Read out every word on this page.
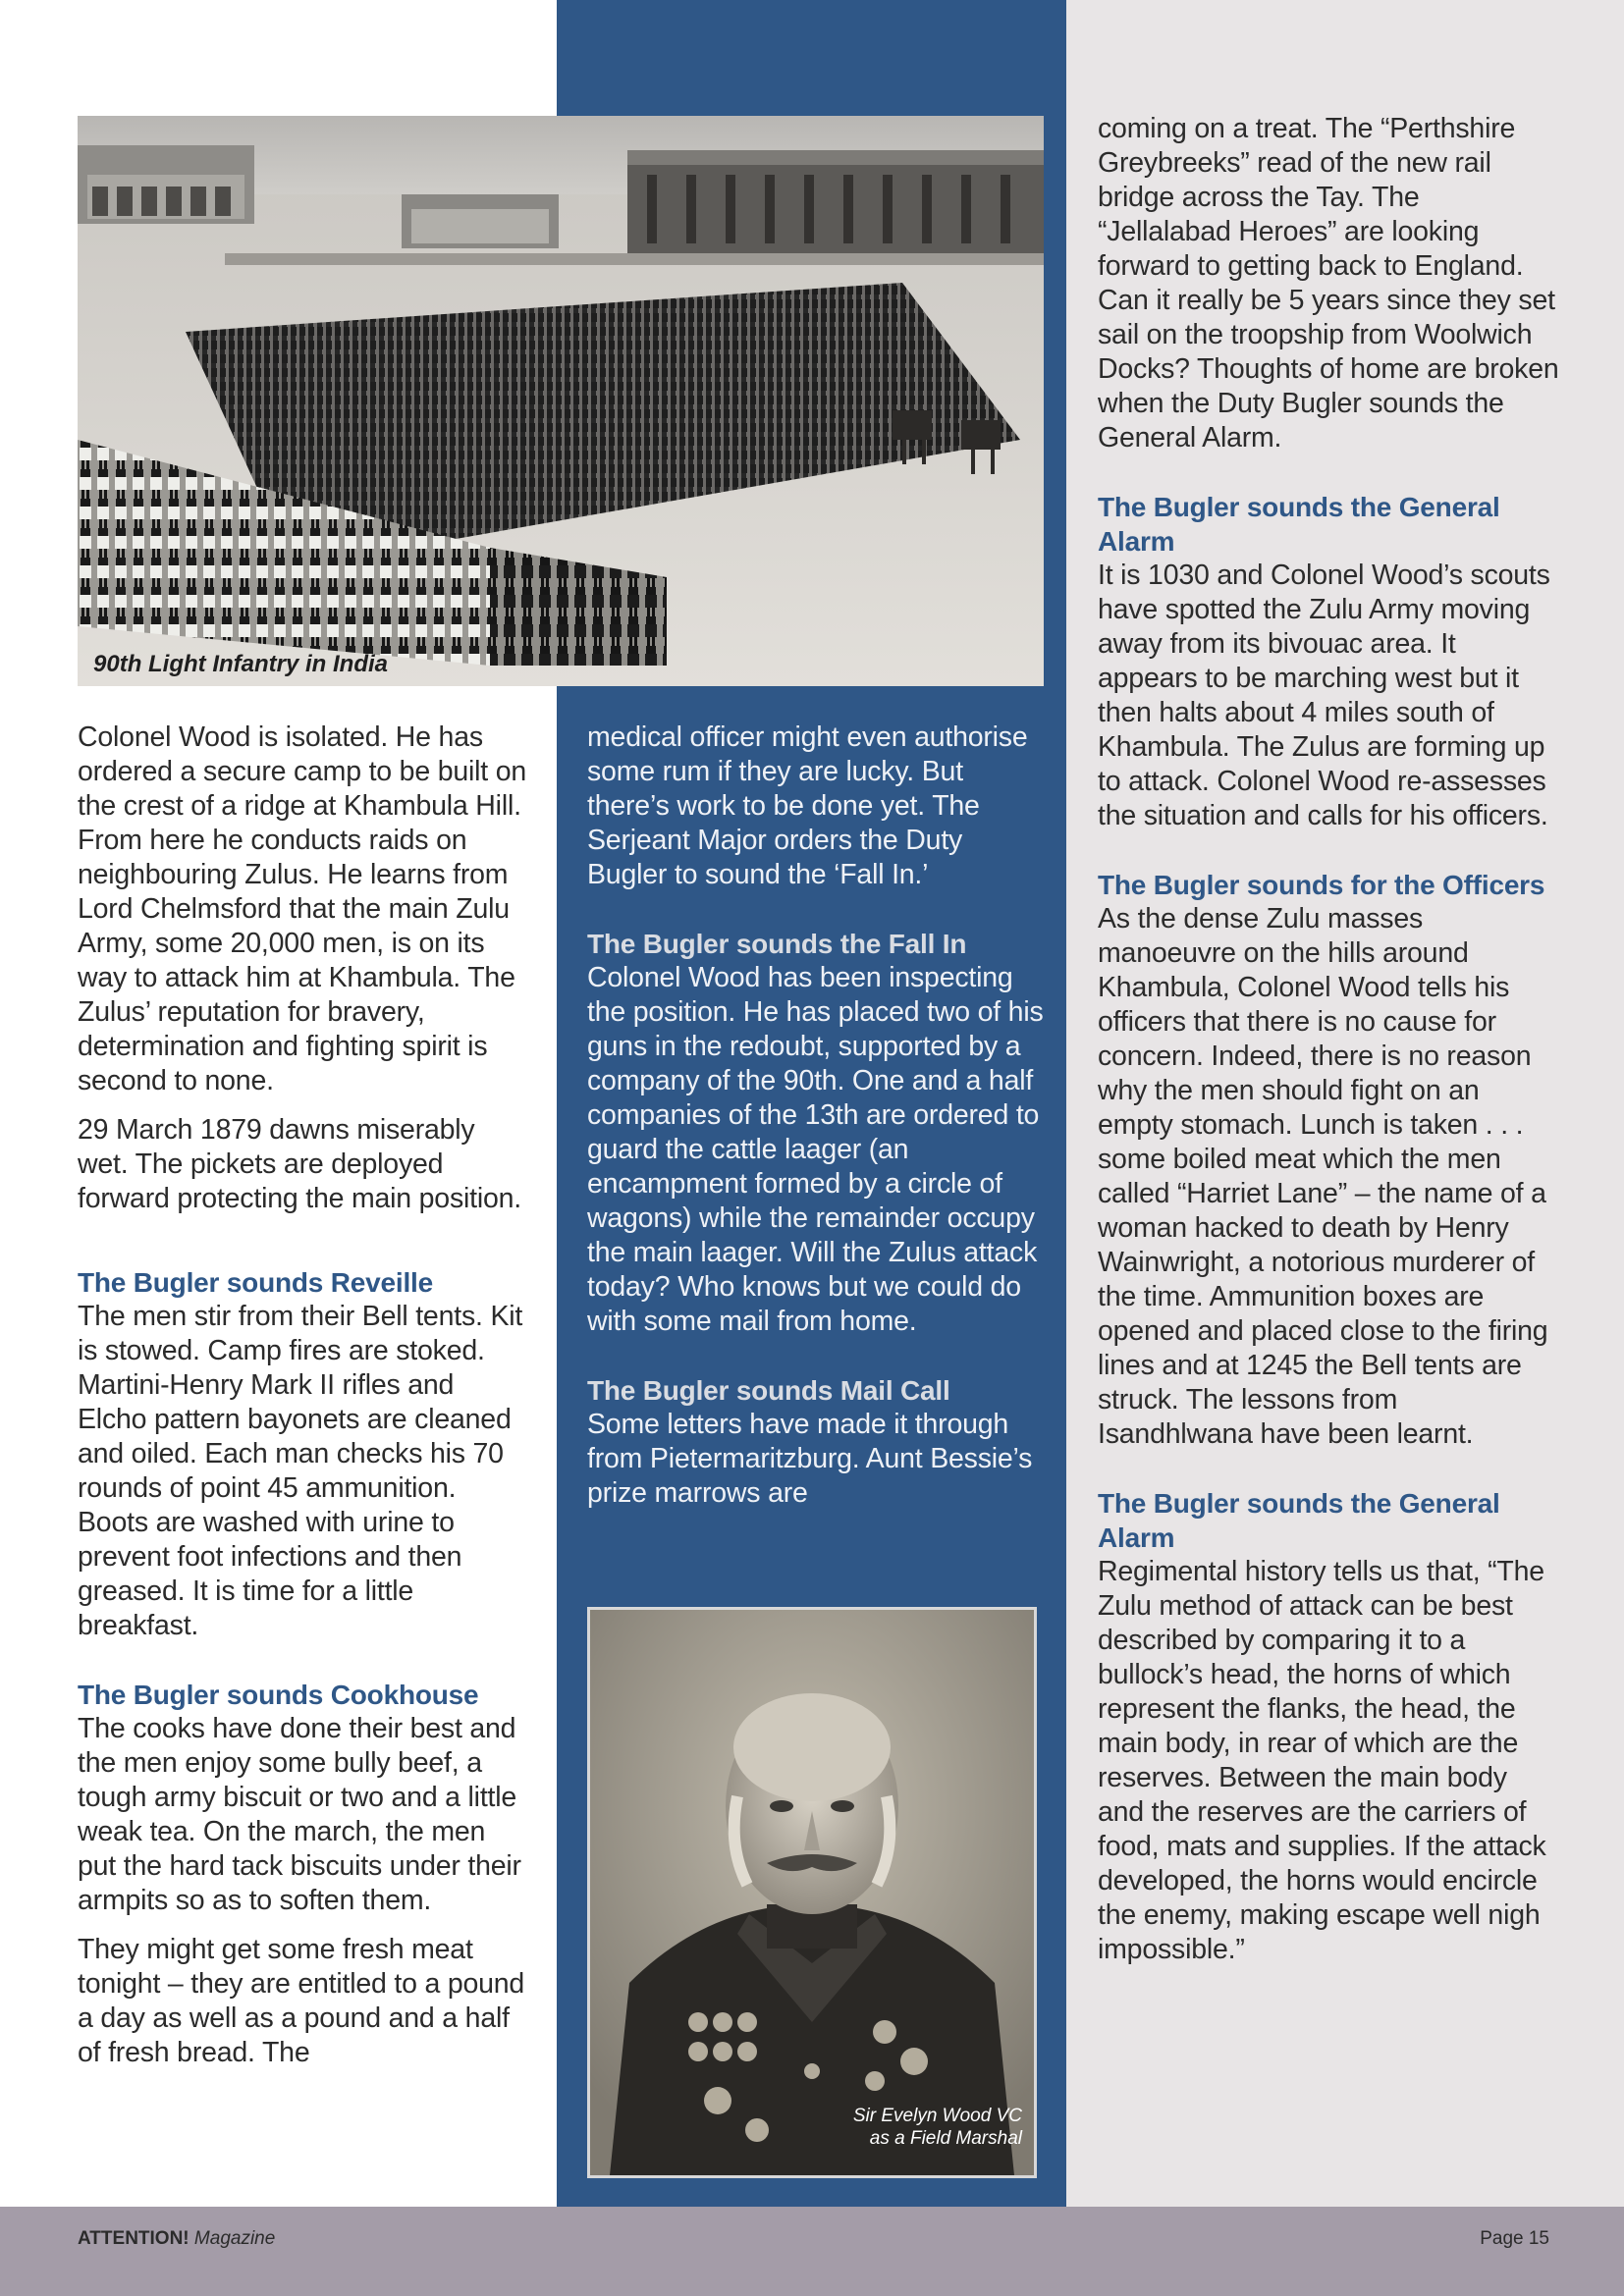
90th Light Infantry in India

Colonel Wood is isolated. He has ordered a secure camp to be built on the crest of a ridge at Khambula Hill. From here he conducts raids on neighbouring Zulus. He learns from Lord Chelmsford that the main Zulu Army, some 20,000 men, is on its way to attack him at Khambula. The Zulus’ reputation for bravery, determination and fighting spirit is second to none.

29 March 1879 dawns miserably wet. The pickets are deployed forward protecting the main position.

The Bugler sounds Reveille

The men stir from their Bell tents. Kit is stowed. Camp fires are stoked. Martini-Henry Mark II rifles and Elcho pattern bayonets are cleaned and oiled. Each man checks his 70 rounds of point 45 ammunition. Boots are washed with urine to prevent foot infections and then greased. It is time for a little breakfast.

The Bugler sounds Cookhouse

The cooks have done their best and the men enjoy some bully beef, a tough army biscuit or two and a little weak tea. On the march, the men put the hard tack biscuits under their armpits so as to soften them.

They might get some fresh meat tonight – they are entitled to a pound a day as well as a pound and a half of fresh bread. The

medical officer might even authorise some rum if they are lucky. But there’s work to be done yet. The Serjeant Major orders the Duty Bugler to sound the ‘Fall In.’

The Bugler sounds the Fall In

Colonel Wood has been inspecting the position. He has placed two of his guns in the redoubt, supported by a company of the 90th. One and a half companies of the 13th are ordered to guard the cattle laager (an encampment formed by a circle of wagons) while the remainder occupy the main laager. Will the Zulus attack today? Who knows but we could do with some mail from home.

The Bugler sounds Mail Call

Some letters have made it through from Pietermaritzburg. Aunt Bessie’s prize marrows are

Sir Evelyn Wood VC
as a Field Marshal

coming on a treat. The “Perthshire Greybreeks” read of the new rail bridge across the Tay. The “Jellalabad Heroes” are looking forward to getting back to England. Can it really be 5 years since they set sail on the troopship from Woolwich Docks? Thoughts of home are broken when the Duty Bugler sounds the General Alarm.

The Bugler sounds the General Alarm

It is 1030 and Colonel Wood’s scouts have spotted the Zulu Army moving away from its bivouac area. It appears to be marching west but it then halts about 4 miles south of Khambula. The Zulus are forming up to attack. Colonel Wood re-assesses the situation and calls for his officers.

The Bugler sounds for the Officers

As the dense Zulu masses manoeuvre on the hills around Khambula, Colonel Wood tells his officers that there is no cause for concern. Indeed, there is no reason why the men should fight on an empty stomach. Lunch is taken . . . some boiled meat which the men called “Harriet Lane” – the name of a woman hacked to death by Henry Wainwright, a notorious murderer of the time. Ammunition boxes are opened and placed close to the firing lines and at 1245 the Bell tents are struck. The lessons from Isandhlwana have been learnt.

The Bugler sounds the General Alarm

Regimental history tells us that, “The Zulu method of attack can be best described by comparing it to a bullock’s head, the horns of which represent the flanks, the head, the main body, in rear of which are the reserves. Between the main body and the reserves are the carriers of food, mats and supplies. If the attack developed, the horns would encircle the enemy, making escape well nigh impossible.”

ATTENTION! Magazine	Page 15
